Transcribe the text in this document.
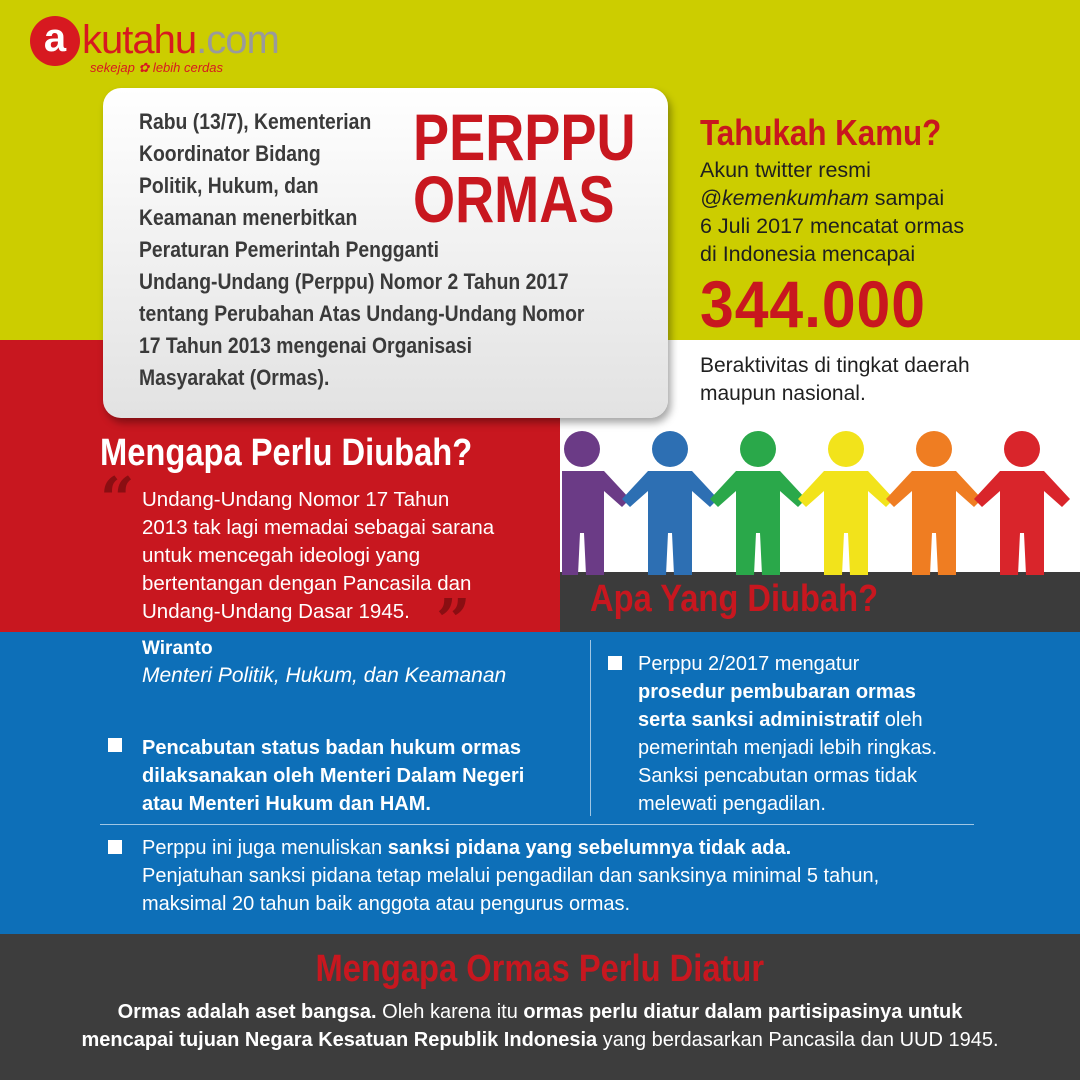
a kutahu.com
sekejap ✿ lebih cerdas
Rabu (13/7), Kementerian
Koordinator Bidang
Politik, Hukum, dan
Keamanan menerbitkan
Peraturan Pemerintah Pengganti
Undang-Undang (Perppu) Nomor 2 Tahun 2017
tentang Perubahan Atas Undang-Undang Nomor
17 Tahun 2013 mengenai Organisasi
Masyarakat (Ormas).
PERPPU
ORMAS
Tahukah Kamu?
Akun twitter resmi
@kemenkumham sampai
6 Juli 2017 mencatat ormas
di Indonesia mencapai
344.000
Beraktivitas di tingkat daerah
maupun nasional.
Mengapa Perlu Diubah?
“ Undang-Undang Nomor 17 Tahun
2013 tak lagi memadai sebagai sarana
untuk mencegah ideologi yang
bertentangan dengan Pancasila dan
Undang-Undang Dasar 1945. ”
Wiranto
Menteri Politik, Hukum, dan Keamanan
Apa Yang Diubah?
Perppu 2/2017 mengatur
prosedur pembubaran ormas
serta sanksi administratif oleh
pemerintah menjadi lebih ringkas.
Sanksi pencabutan ormas tidak
melewati pengadilan.
Pencabutan status badan hukum ormas
dilaksanakan oleh Menteri Dalam Negeri
atau Menteri Hukum dan HAM.
Perppu ini juga menuliskan sanksi pidana yang sebelumnya tidak ada.
Penjatuhan sanksi pidana tetap melalui pengadilan dan sanksinya minimal 5 tahun,
maksimal 20 tahun baik anggota atau pengurus ormas.
Mengapa Ormas Perlu Diatur
Ormas adalah aset bangsa. Oleh karena itu ormas perlu diatur dalam partisipasinya untuk
mencapai tujuan Negara Kesatuan Republik Indonesia yang berdasarkan Pancasila dan UUD 1945.
